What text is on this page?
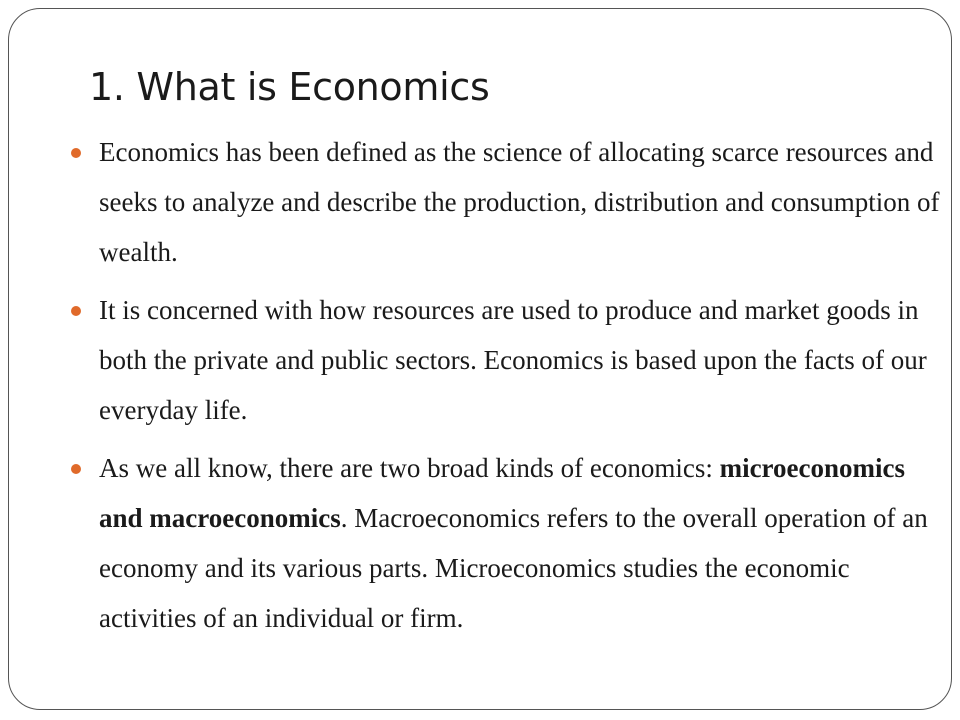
1. What is Economics
Economics has been defined as the science of allocating scarce resources and seeks to analyze and describe the production, distribution and consumption of wealth.
It is concerned with how resources are used to produce and market goods in both the private and public sectors. Economics is based upon the facts of our everyday life.
As we all know, there are two broad kinds of economics: microeconomics and macroeconomics. Macroeconomics refers to the overall operation of an economy and its various parts. Microeconomics studies the economic activities of an individual or firm.
